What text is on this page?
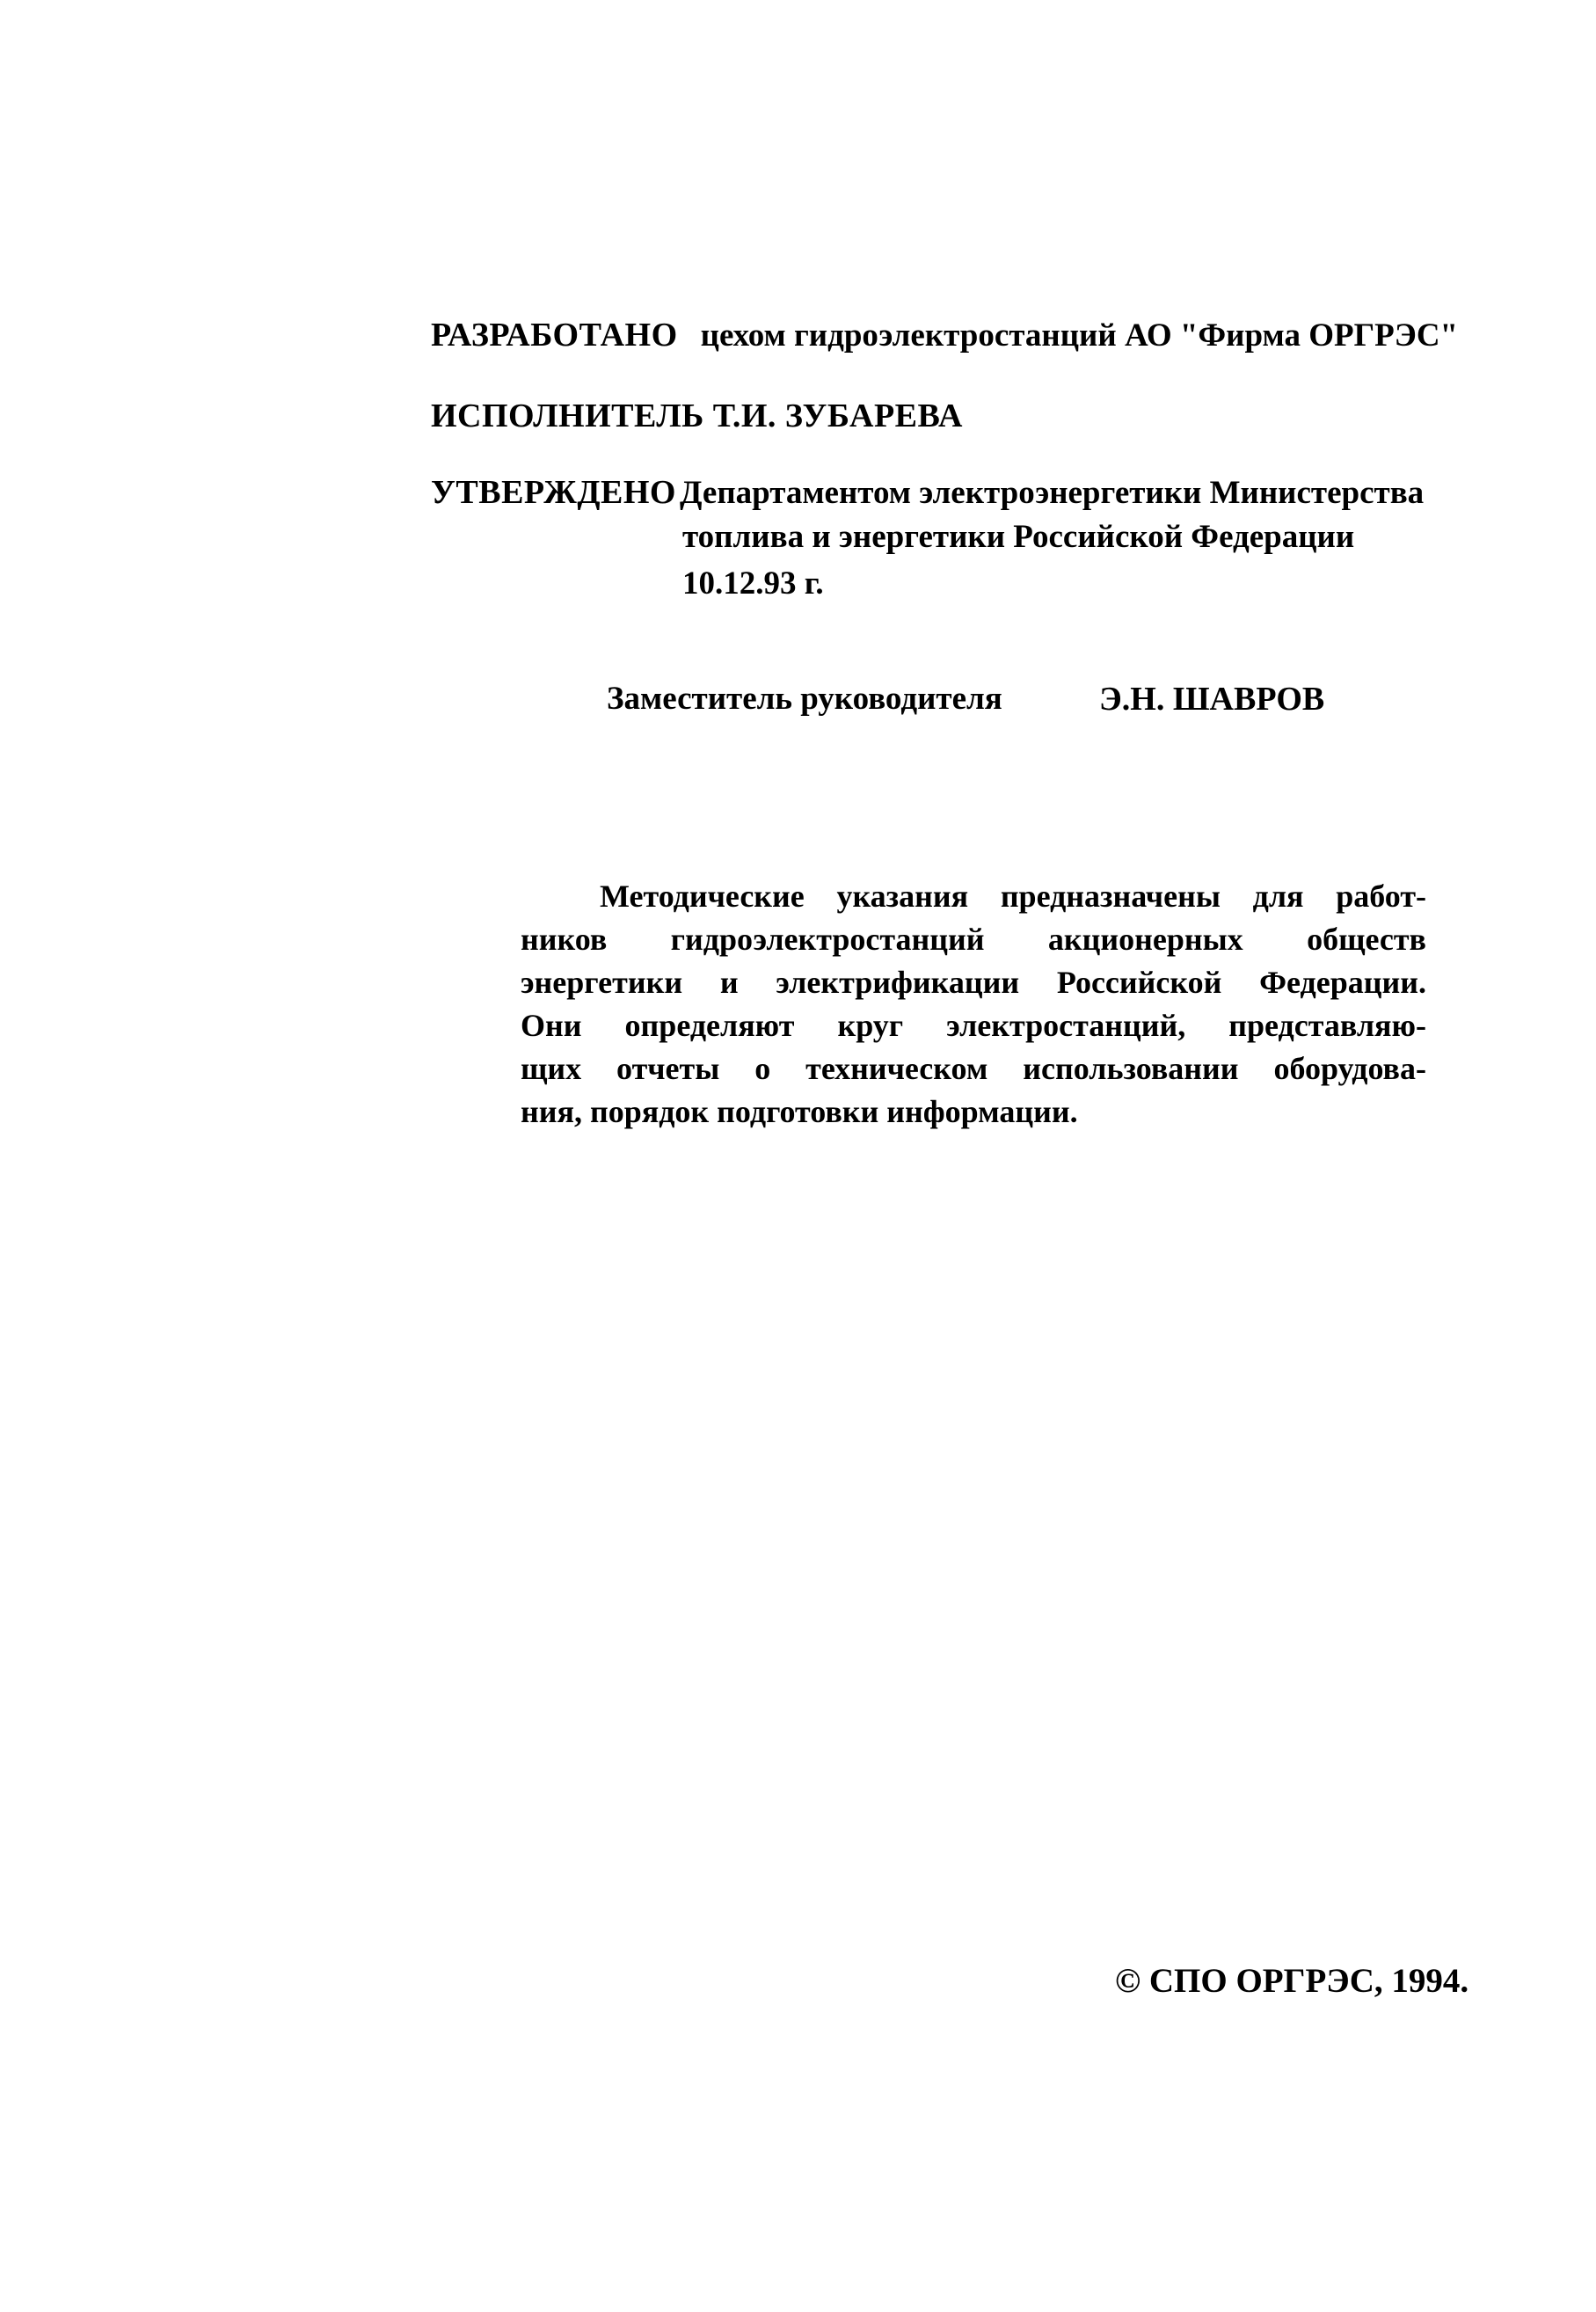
РАЗРАБОТАНО цехом гидроэлектростанций АО "Фирма ОРГРЭС"
ИСПОЛНИТЕЛЬ Т.И. ЗУБАРЕВА
УТВЕРЖДЕНО Департаментом электроэнергетики Министерства
топлива и энергетики Российской Федерации
10.12.93 г.
Заместитель руководителя	Э.Н. ШАВРОВ
Методические указания предназначены для работ-
ников гидроэлектростанций акционерных обществ
энергетики и электрификации Российской Федерации.
Они определяют круг электростанций, представляю-
щих отчеты о техническом использовании оборудова-
ния, порядок подготовки информации.
© СПО ОРГРЭС, 1994.
